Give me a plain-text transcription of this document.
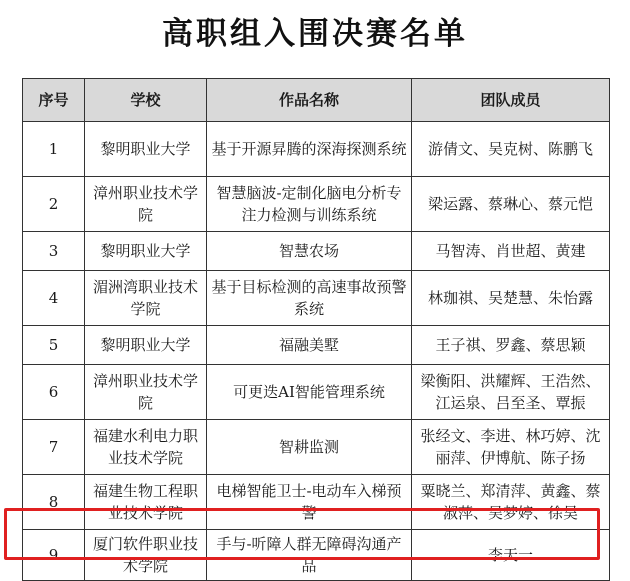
高职组入围决赛名单
序号	学校	作品名称	团队成员
1	黎明职业大学	基于开源昇腾的深海探测系统	游倩文、吴克树、陈鹏飞
2	漳州职业技术学院	智慧脑波-定制化脑电分析专注力检测与训练系统	梁运露、蔡琳心、蔡元恺
3	黎明职业大学	智慧农场	马智涛、肖世超、黄建
4	湄洲湾职业技术学院	基于目标检测的高速事故预警系统	林珈祺、吴楚慧、朱怡露
5	黎明职业大学	福融美墅	王子祺、罗鑫、蔡思颖
6	漳州职业技术学院	可更迭AI智能管理系统	梁衡阳、洪耀辉、王浩然、江运泉、吕至圣、覃振
7	福建水利电力职业技术学院	智耕监测	张经文、李进、林巧婷、沈丽萍、伊博航、陈子扬
8	福建生物工程职业技术学院	电梯智能卫士-电动车入梯预警	粟晓兰、郑清萍、黄鑫、蔡淑萍、吴梦婷、徐昊
9	厦门软件职业技术学院	手与-听障人群无障碍沟通产品	李天一
